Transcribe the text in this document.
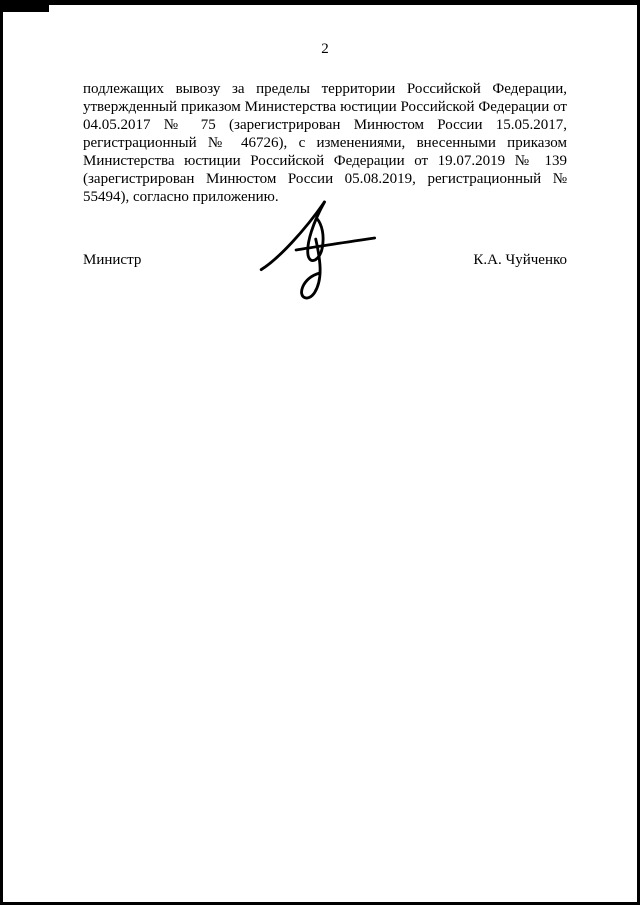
2

подлежащих вывозу за пределы территории Российской Федерации, утвержденный приказом Министерства юстиции Российской Федерации от 04.05.2017 № 75 (зарегистрирован Минюстом России 15.05.2017, регистрационный № 46726), с изменениями, внесенными приказом Министерства юстиции Российской Федерации от 19.07.2019 № 139 (зарегистрирован Минюстом России 05.08.2019, регистрационный № 55494), согласно приложению.

Министр	К.А. Чуйченко
